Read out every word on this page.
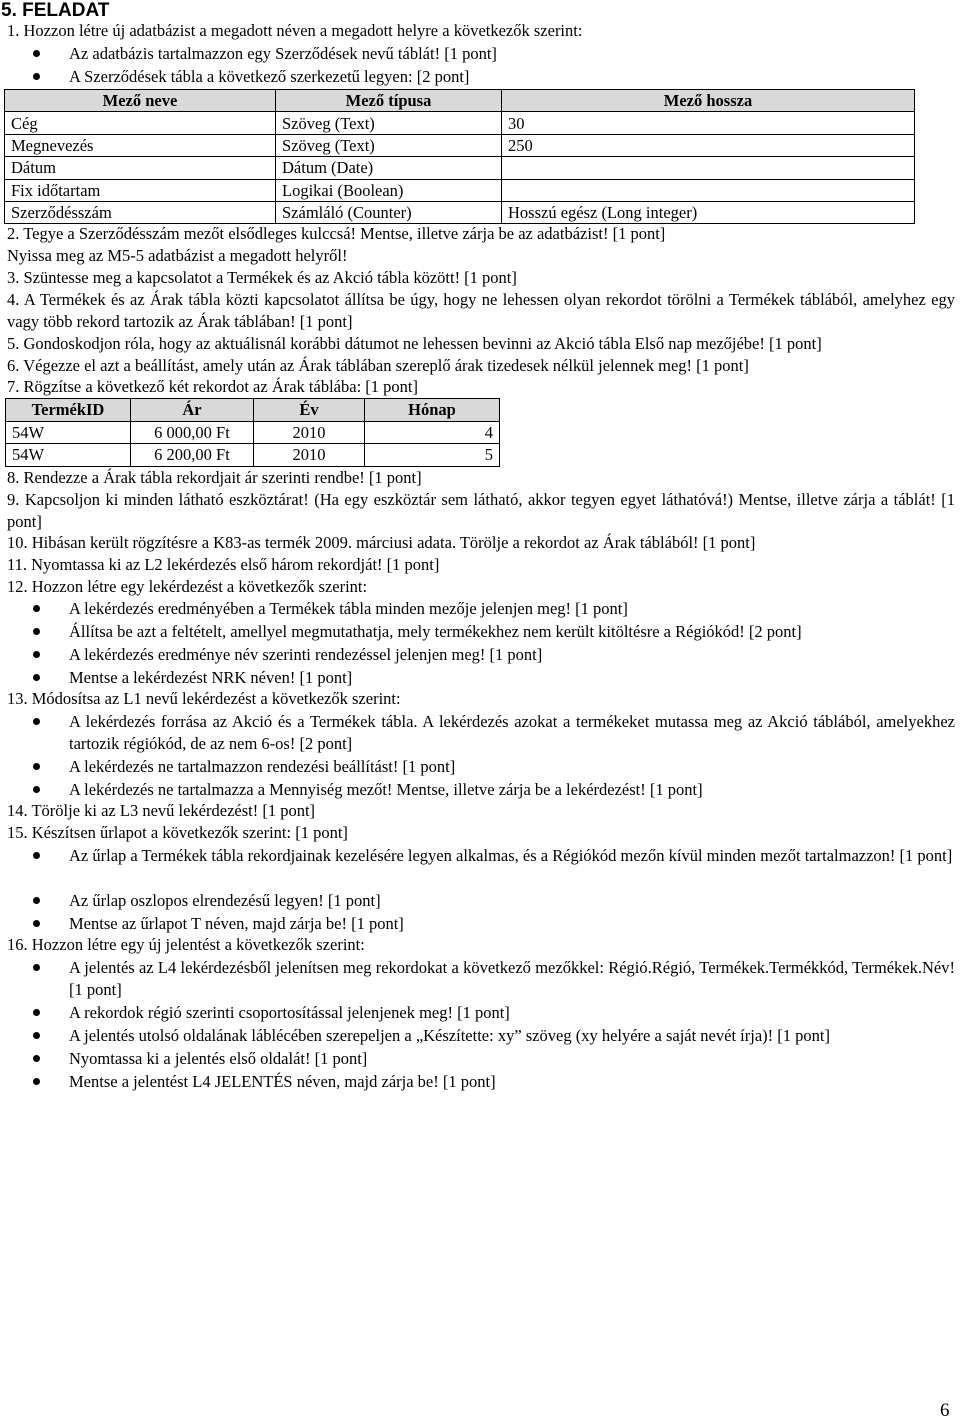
5. FELADAT
1. Hozzon létre új adatbázist a megadott néven a megadott helyre a következők szerint:
Az adatbázis tartalmazzon egy Szerződések nevű táblát! [1 pont]
A Szerződések tábla a következő szerkezetű legyen: [2 pont]
Mező neve	Mező típusa	Mező hossza
Cég	Szöveg (Text)	30
Megnevezés	Szöveg (Text)	250
Dátum	Dátum (Date)	
Fix időtartam	Logikai (Boolean)	
Szerződésszám	Számláló (Counter)	Hosszú egész (Long integer)
2. Tegye a Szerződésszám mezőt elsődleges kulccsá! Mentse, illetve zárja be az adatbázist! [1 pont]
Nyissa meg az M5-5 adatbázist a megadott helyről!
3. Szüntesse meg a kapcsolatot a Termékek és az Akció tábla között! [1 pont]
4. A Termékek és az Árak tábla közti kapcsolatot állítsa be úgy, hogy ne lehessen olyan rekordot törölni a Termékek táblából, amelyhez egy vagy több rekord tartozik az Árak táblában! [1 pont]
5. Gondoskodjon róla, hogy az aktuálisnál korábbi dátumot ne lehessen bevinni az Akció tábla Első nap mezőjébe! [1 pont]
6. Végezze el azt a beállítást, amely után az Árak táblában szereplő árak tizedesek nélkül jelennek meg! [1 pont]
7. Rögzítse a következő két rekordot az Árak táblába: [1 pont]
TermékID	Ár	Év	Hónap
54W	6 000,00 Ft	2010	4
54W	6 200,00 Ft	2010	5
8. Rendezze a Árak tábla rekordjait ár szerinti rendbe! [1 pont]
9. Kapcsoljon ki minden látható eszköztárat! (Ha egy eszköztár sem látható, akkor tegyen egyet láthatóvá!) Mentse, illetve zárja a táblát! [1 pont]
10. Hibásan került rögzítésre a K83-as termék 2009. márciusi adata. Törölje a rekordot az Árak táblából! [1 pont]
11. Nyomtassa ki az L2 lekérdezés első három rekordját! [1 pont]
12. Hozzon létre egy lekérdezést a következők szerint:
A lekérdezés eredményében a Termékek tábla minden mezője jelenjen meg! [1 pont]
Állítsa be azt a feltételt, amellyel megmutathatja, mely termékekhez nem került kitöltésre a Régiókód! [2 pont]
A lekérdezés eredménye név szerinti rendezéssel jelenjen meg! [1 pont]
Mentse a lekérdezést NRK néven! [1 pont]
13. Módosítsa az L1 nevű lekérdezést a következők szerint:
A lekérdezés forrása az Akció és a Termékek tábla. A lekérdezés azokat a termékeket mutassa meg az Akció táblából, amelyekhez tartozik régiókód, de az nem 6-os! [2 pont]
A lekérdezés ne tartalmazzon rendezési beállítást! [1 pont]
A lekérdezés ne tartalmazza a Mennyiség mezőt! Mentse, illetve zárja be a lekérdezést! [1 pont]
14. Törölje ki az L3 nevű lekérdezést! [1 pont]
15. Készítsen űrlapot a következők szerint: [1 pont]
Az űrlap a Termékek tábla rekordjainak kezelésére legyen alkalmas, és a Régiókód mezőn kívül minden mezőt tartalmazzon! [1 pont]
Az űrlap oszlopos elrendezésű legyen! [1 pont]
Mentse az űrlapot T néven, majd zárja be! [1 pont]
16. Hozzon létre egy új jelentést a következők szerint:
A jelentés az L4 lekérdezésből jelenítsen meg rekordokat a következő mezőkkel: Régió.Régió, Termékek.Termékkód, Termékek.Név! [1 pont]
A rekordok régió szerinti csoportosítással jelenjenek meg! [1 pont]
A jelentés utolsó oldalának láblécében szerepeljen a „Készítette: xy” szöveg (xy helyére a saját nevét írja)! [1 pont]
Nyomtassa ki a jelentés első oldalát! [1 pont]
Mentse a jelentést L4 JELENTÉS néven, majd zárja be! [1 pont]
6
